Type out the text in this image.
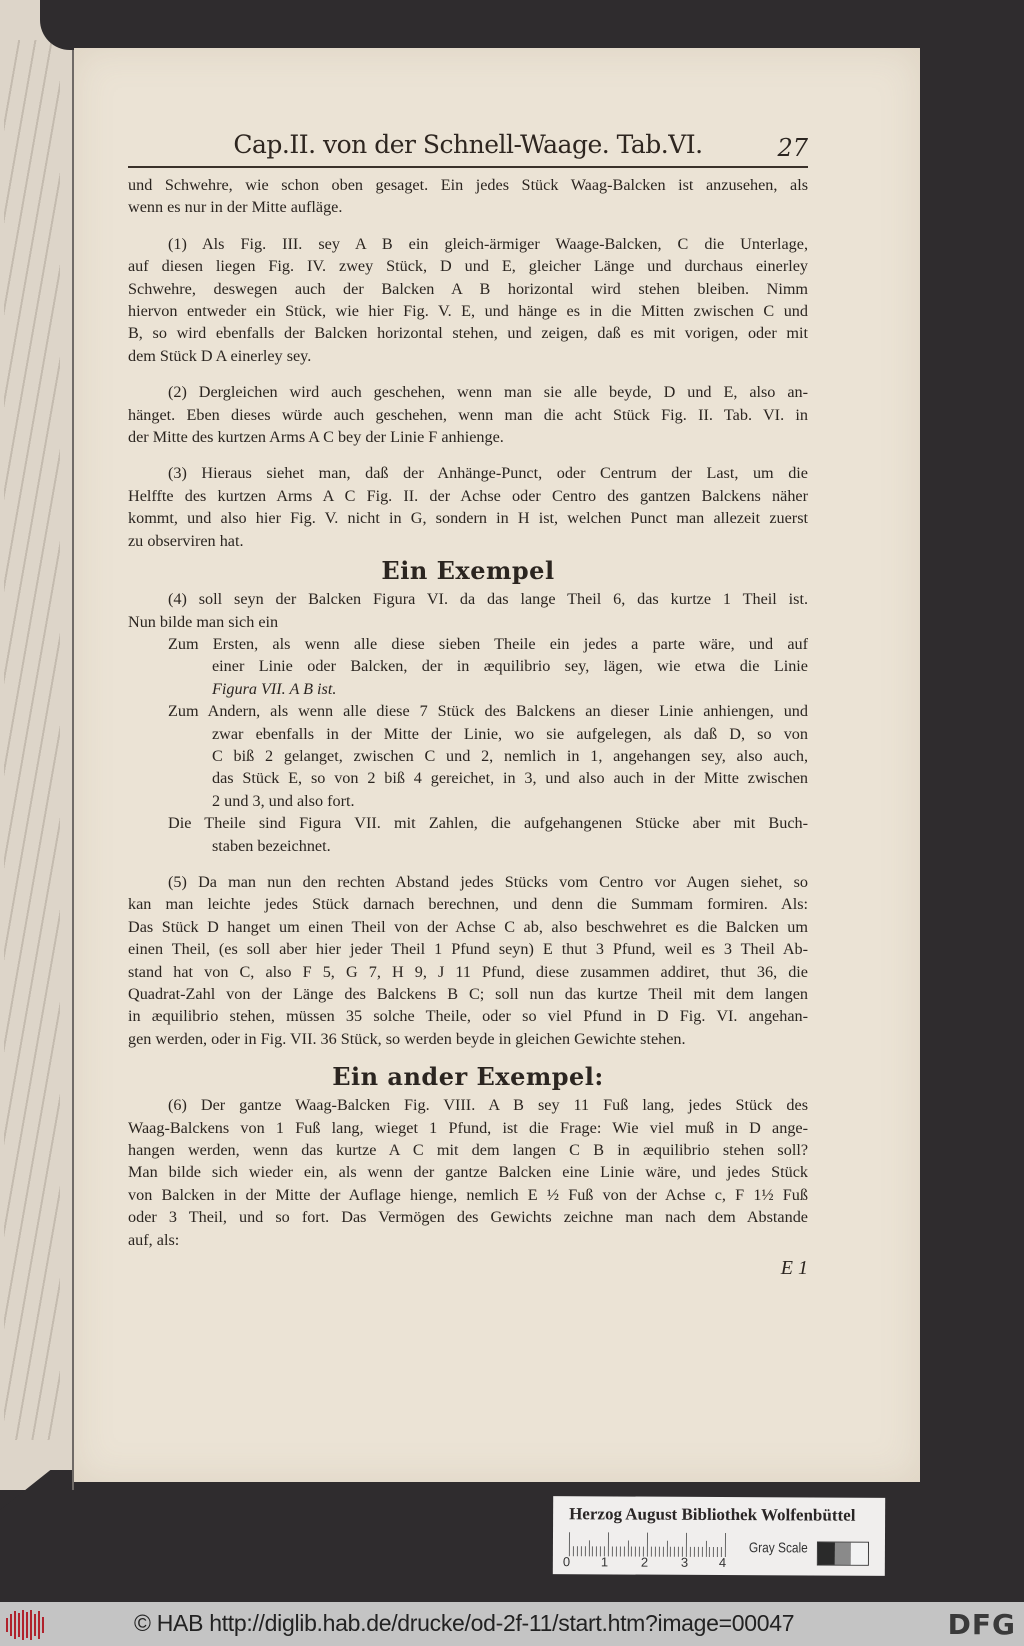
Cap.II. von der Schnell-Waage. Tab.VI.	27

und Schwehre, wie schon oben gesaget. Ein jedes Stück Waag-Balcken ist anzusehen, als
wenn es nur in der Mitte aufläge.

(1) Als Fig. III. sey A B ein gleich-ärmiger Waage-Balcken, C die Unterlage,
auf diesen liegen Fig. IV. zwey Stück, D und E, gleicher Länge und durchaus einerley
Schwehre, deswegen auch der Balcken A B horizontal wird stehen bleiben. Nimm
hiervon entweder ein Stück, wie hier Fig. V. E, und hänge es in die Mitten zwischen C und
B, so wird ebenfalls der Balcken horizontal stehen, und zeigen, daß es mit vorigen, oder mit
dem Stück D A einerley sey.

(2) Dergleichen wird auch geschehen, wenn man sie alle beyde, D und E, also an-
hänget. Eben dieses würde auch geschehen, wenn man die acht Stück Fig. II. Tab. VI. in
der Mitte des kurtzen Arms A C bey der Linie F anhienge.

(3) Hieraus siehet man, daß der Anhänge-Punct, oder Centrum der Last, um die
Helffte des kurtzen Arms A C Fig. II. der Achse oder Centro des gantzen Balckens näher
kommt, und also hier Fig. V. nicht in G, sondern in H ist, welchen Punct man allezeit zuerst
zu observiren hat.

Ein Exempel

(4) soll seyn der Balcken Figura VI. da das lange Theil 6, das kurtze 1 Theil ist.
Nun bilde man sich ein

Zum Ersten, als wenn alle diese sieben Theile ein jedes a parte wäre, und auf
einer Linie oder Balcken, der in æquilibrio sey, lägen, wie etwa die Linie
Figura VII. A B ist.

Zum Andern, als wenn alle diese 7 Stück des Balckens an dieser Linie anhiengen, und
zwar ebenfalls in der Mitte der Linie, wo sie aufgelegen, als daß D, so von
C biß 2 gelanget, zwischen C und 2, nemlich in 1, angehangen sey, also auch,
das Stück E, so von 2 biß 4 gereichet, in 3, und also auch in der Mitte zwischen
2 und 3, und also fort.

Die Theile sind Figura VII. mit Zahlen, die aufgehangenen Stücke aber mit Buch-
staben bezeichnet.

(5) Da man nun den rechten Abstand jedes Stücks vom Centro vor Augen siehet, so
kan man leichte jedes Stück darnach berechnen, und denn die Summam formiren. Als:
Das Stück D hanget um einen Theil von der Achse C ab, also beschwehret es die Balcken um
einen Theil, (es soll aber hier jeder Theil 1 Pfund seyn) E thut 3 Pfund, weil es 3 Theil Ab-
stand hat von C, also F 5, G 7, H 9, J 11 Pfund, diese zusammen addiret, thut 36, die
Quadrat-Zahl von der Länge des Balckens B C; soll nun das kurtze Theil mit dem langen
in æquilibrio stehen, müssen 35 solche Theile, oder so viel Pfund in D Fig. VI. angehan-
gen werden, oder in Fig. VII. 36 Stück, so werden beyde in gleichen Gewichte stehen.

Ein ander Exempel:

(6) Der gantze Waag-Balcken Fig. VIII. A B sey 11 Fuß lang, jedes Stück des
Waag-Balckens von 1 Fuß lang, wieget 1 Pfund, ist die Frage: Wie viel muß in D ange-
hangen werden, wenn das kurtze A C mit dem langen C B in æquilibrio stehen soll?
Man bilde sich wieder ein, als wenn der gantze Balcken eine Linie wäre, und jedes Stück
von Balcken in der Mitte der Auflage hienge, nemlich E ½ Fuß von der Achse c, F 1½ Fuß
oder 3 Theil, und so fort. Das Vermögen des Gewichts zeichne man nach dem Abstande
auf, als:

E 1
Herzog August Bibliothek Wolfenbüttel
0 1	2	3 4
Gray Scale
© HAB http://diglib.hab.de/drucke/od-2f-11/start.htm?image=00047	DFG
